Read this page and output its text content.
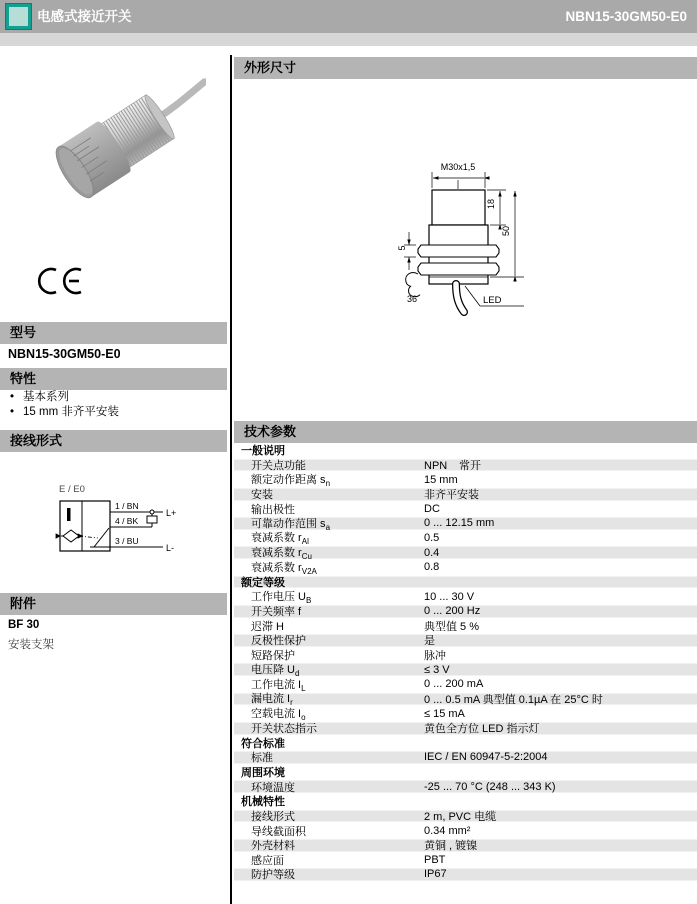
电感式接近开关	NBN15-30GM50-E0
型号
NBN15-30GM50-E0
特性
• 基本系列
• 15 mm 非齐平安装
接线形式
E / E0
1 / BN
4 / BK
3 / BU
L+
L-
附件
BF 30
安装支架
外形尺寸
M30x1,5
18
50
5
36	LED
技术参数
一般说明
开关点功能	NPN 常开
额定动作距离 $s_n$	15 mm
安装	非齐平安装
输出极性	DC
可靠动作范围 $s_a$	0 ... 12.15 mm
衰减系数 $r_{Al}$	0.5
衰减系数 $r_{Cu}$	0.4
衰减系数 $r_{V2A}$	0.8
额定等级
工作电压 $U_B$	10 ... 30 V
开关频率 f	0 ... 200 Hz
迟滞 H	典型值 5 %
反极性保护	是
短路保护	脉冲
电压降 $U_d$	≤ 3 V
工作电流 $I_L$	0 ... 200 mA
漏电流 $I_r$	0 ... 0.5 mA 典型值 0.1µA 在 25°C 时
空载电流 $I_o$	≤ 15 mA
开关状态指示	黄色全方位 LED 指示灯
符合标准
标准	IEC / EN 60947-5-2:2004
周围环境
环境温度	-25 ... 70 °C (248 ... 343 K)
机械特性
接线形式	2 m, PVC 电缆
导线截面积	0.34 mm²
外壳材料	黄铜 , 镀镍
感应面	PBT
防护等级	IP67
